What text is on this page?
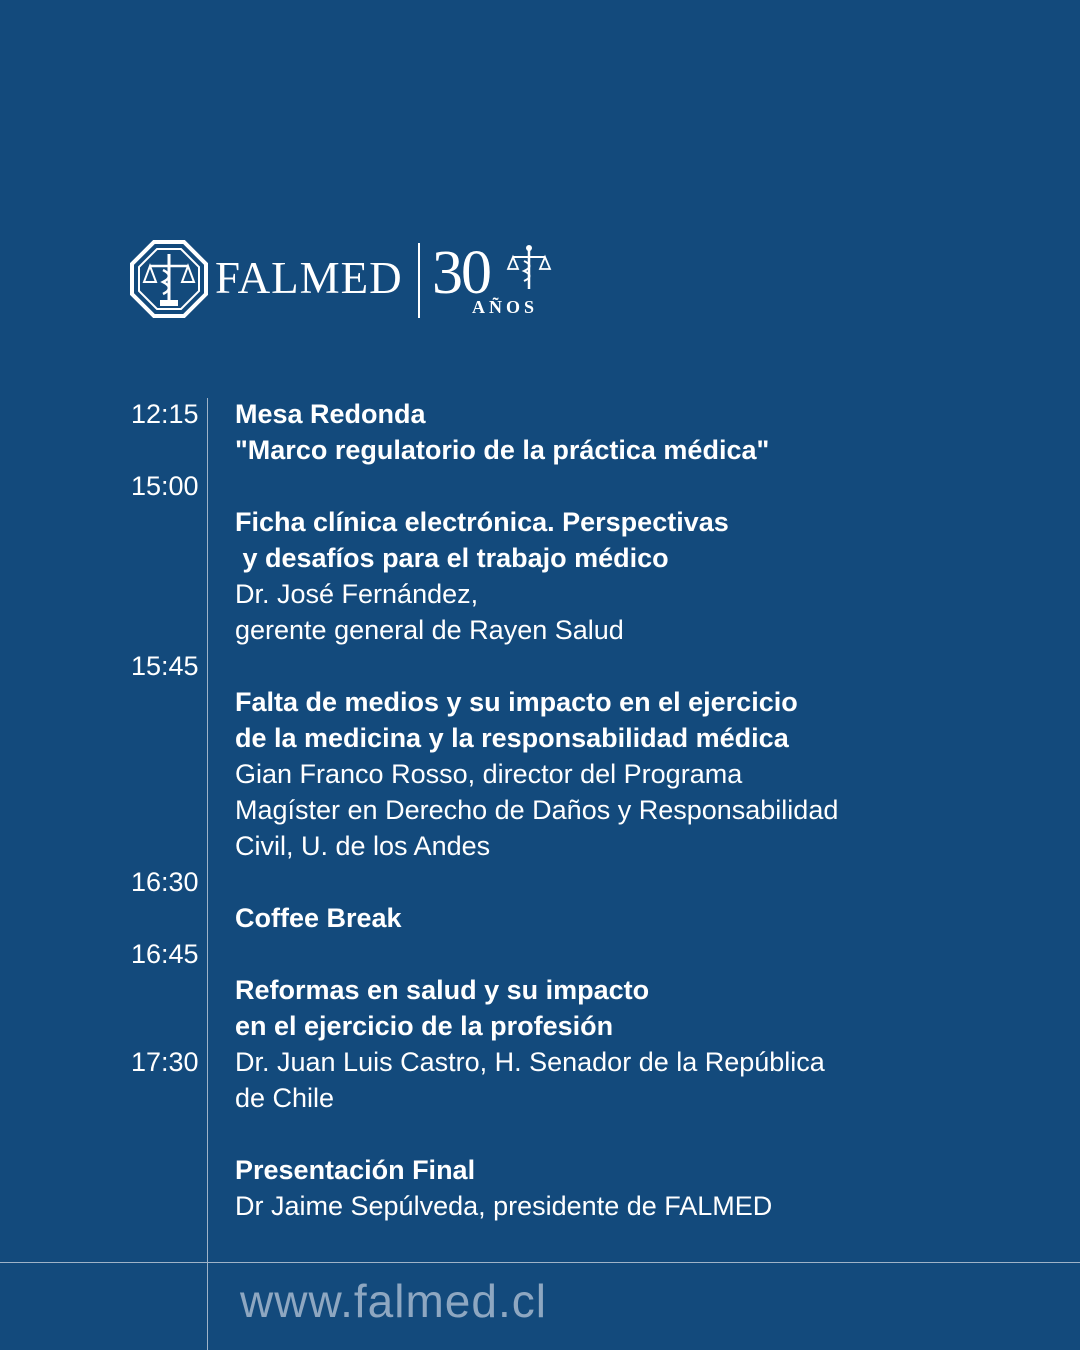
FALMED 30
AÑOS
12:15
15:00
15:45
16:30
16:45
17:30
Mesa Redonda
"Marco regulatorio de la práctica médica"
Ficha clínica electrónica. Perspectivas
y desafíos para el trabajo médico
Dr. José Fernández,
gerente general de Rayen Salud
Falta de medios y su impacto en el ejercicio
de la medicina y la responsabilidad médica
Gian Franco Rosso, director del Programa
Magíster en Derecho de Daños y Responsabilidad
Civil, U. de los Andes
Coffee Break
Reformas en salud y su impacto
en el ejercicio de la profesión
Dr. Juan Luis Castro, H. Senador de la República
de Chile
Presentación Final
Dr Jaime Sepúlveda, presidente de FALMED
www.falmed.cl
